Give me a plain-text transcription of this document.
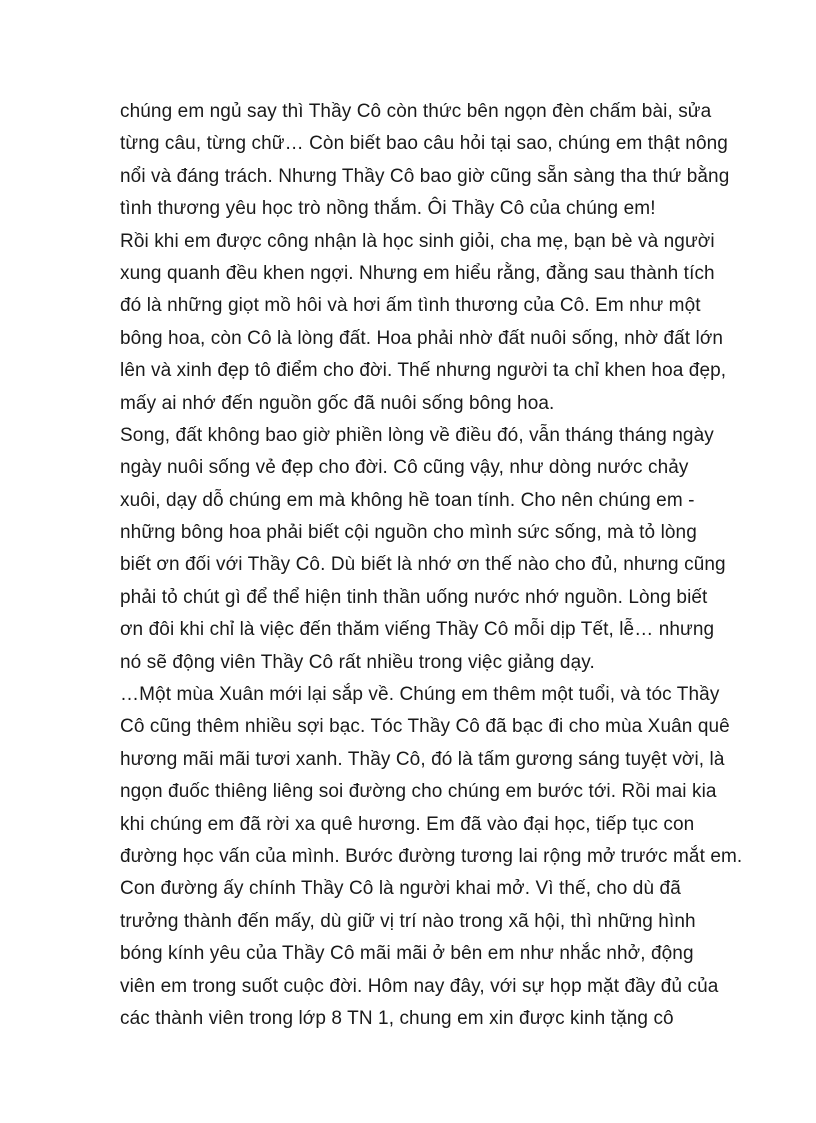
chúng em ngủ say thì Thầy Cô còn thức bên ngọn đèn chấm bài, sửa
từng câu, từng chữ… Còn biết bao câu hỏi tại sao, chúng em thật nông
nổi và đáng trách. Nhưng Thầy Cô bao giờ cũng sẵn sàng tha thứ bằng
tình thương yêu học trò nồng thắm. Ôi Thầy Cô của chúng em!
Rồi khi em được công nhận là học sinh giỏi, cha mẹ, bạn bè và người
xung quanh đều khen ngợi. Nhưng em hiểu rằng, đằng sau thành tích
đó là những giọt mồ hôi và hơi ấm tình thương của Cô. Em như một
bông hoa, còn Cô là lòng đất. Hoa phải nhờ đất nuôi sống, nhờ đất lớn
lên và xinh đẹp tô điểm cho đời. Thế nhưng người ta chỉ khen hoa đẹp,
mấy ai nhớ đến nguồn gốc đã nuôi sống bông hoa.
Song, đất không bao giờ phiền lòng về điều đó, vẫn tháng tháng ngày
ngày nuôi sống vẻ đẹp cho đời. Cô cũng vậy, như dòng nước chảy
xuôi, dạy dỗ chúng em mà không hề toan tính. Cho nên chúng em -
những bông hoa phải biết cội nguồn cho mình sức sống, mà tỏ lòng
biết ơn đối với Thầy Cô. Dù biết là nhớ ơn thế nào cho đủ, nhưng cũng
phải tỏ chút gì để thể hiện tinh thần uống nước nhớ nguồn. Lòng biết
ơn đôi khi chỉ là việc đến thăm viếng Thầy Cô mỗi dịp Tết, lễ… nhưng
nó sẽ động viên Thầy Cô rất nhiều trong việc giảng dạy.
…Một mùa Xuân mới lại sắp về. Chúng em thêm một tuổi, và tóc Thầy
Cô cũng thêm nhiều sợi bạc. Tóc Thầy Cô đã bạc đi cho mùa Xuân quê
hương mãi mãi tươi xanh. Thầy Cô, đó là tấm gương sáng tuyệt vời, là
ngọn đuốc thiêng liêng soi đường cho chúng em bước tới. Rồi mai kia
khi chúng em đã rời xa quê hương. Em đã vào đại học, tiếp tục con
đường học vấn của mình. Bước đường tương lai rộng mở trước mắt em.
Con đường ấy chính Thầy Cô là người khai mở. Vì thế, cho dù đã
trưởng thành đến mấy, dù giữ vị trí nào trong xã hội, thì những hình
bóng kính yêu của Thầy Cô mãi mãi ở bên em như nhắc nhở, động
viên em trong suốt cuộc đời. Hôm nay đây, với sự họp mặt đầy đủ của
các thành viên trong lớp 8 TN 1, chung em xin được kinh tặng cô
